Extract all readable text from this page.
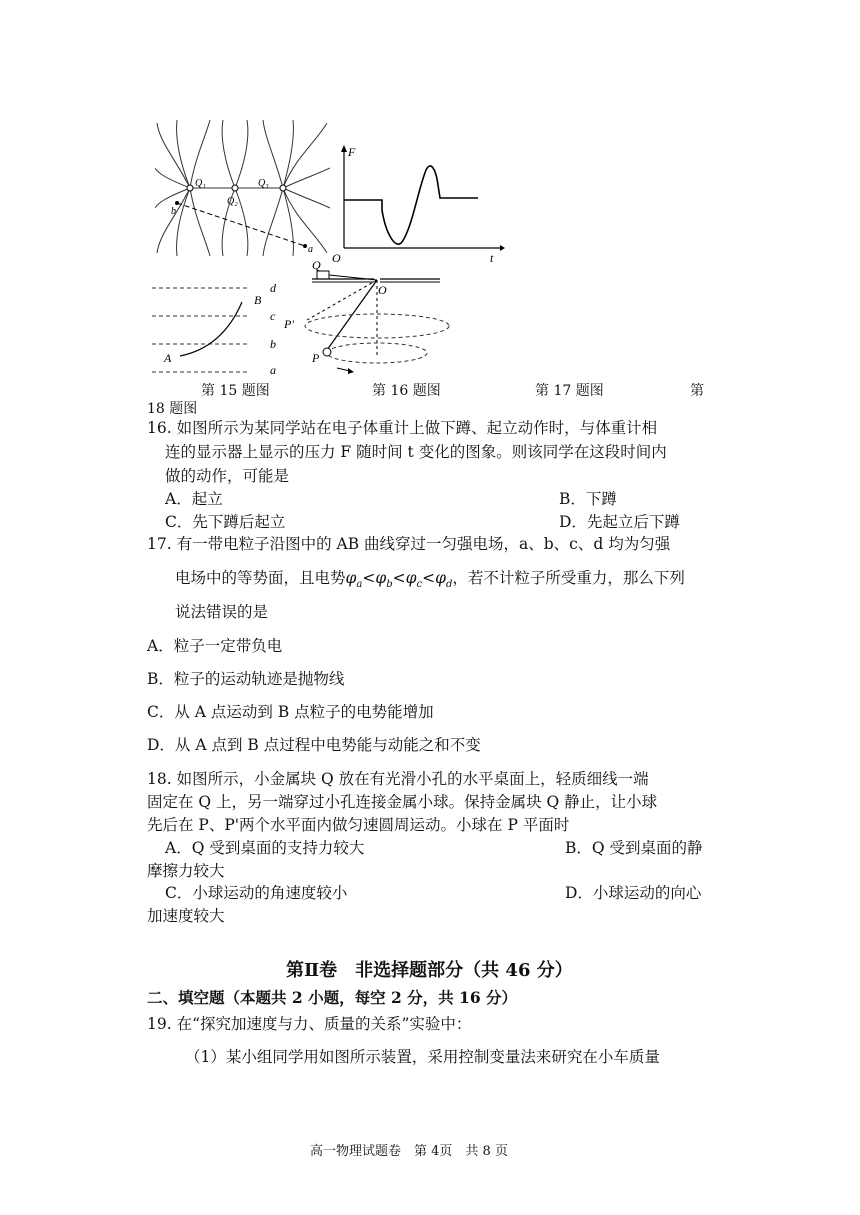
Q₁
Q₂
Q₃
b
a
F
O	t
d
c
b
a
A
B
Q
O
P'
P
第 15 题图	第 16 题图	第 17 题图	第
18 题图
16. 如图所示为某同学站在电子体重计上做下蹲、起立动作时，与体重计相
连的显示器上显示的压力 F 随时间 t 变化的图象。则该同学在这段时间内
做的动作，可能是
A．起立	B．下蹲
C．先下蹲后起立	D．先起立后下蹲
17. 有一带电粒子沿图中的 AB 曲线穿过一匀强电场，a、b、c、d 均为匀强
电场中的等势面，且电势$\varphi_a<\varphi_b<\varphi_c<\varphi_d$，若不计粒子所受重力，那么下列
说法错误的是
A．粒子一定带负电
B．粒子的运动轨迹是抛物线
C．从 A 点运动到 B 点粒子的电势能增加
D．从 A 点到 B 点过程中电势能与动能之和不变
18. 如图所示，小金属块 Q 放在有光滑小孔的水平桌面上，轻质细线一端
固定在 Q 上，另一端穿过小孔连接金属小球。保持金属块 Q 静止，让小球
先后在 P、P'两个水平面内做匀速圆周运动。小球在 P 平面时
A．Q 受到桌面的支持力较大	B．Q 受到桌面的静
摩擦力较大
C．小球运动的角速度较小	D．小球运动的向心
加速度较大
第Ⅱ卷　非选择题部分（共 46 分）
二、填空题（本题共 2 小题，每空 2 分，共 16 分）
19. 在“探究加速度与力、质量的关系”实验中：
（1）某小组同学用如图所示装置，采用控制变量法来研究在小车质量
高一物理试题卷　第 4页　共 8 页
